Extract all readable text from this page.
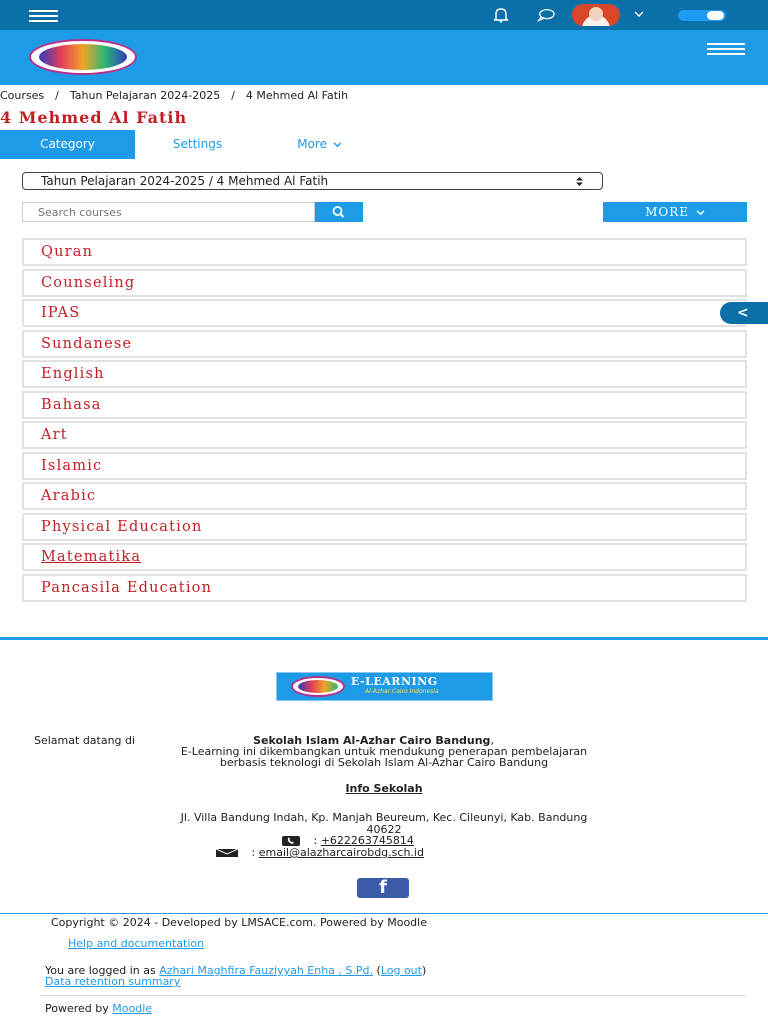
Courses / Tahun Pelajaran 2024-2025 / 4 Mehmed Al Fatih
4 Mehmed Al Fatih
Category	Settings	More
Tahun Pelajaran 2024-2025 / 4 Mehmed Al Fatih
Search courses
MORE
Quran
Counseling
IPAS
Sundanese
English
Bahasa
Art
Islamic
Arabic
Physical Education
Matematika
Pancasila Education
<
E-LEARNING
Al-Azhar Cairo Indonesia
Selamat datang di	Sekolah Islam Al-Azhar Cairo Bandung,
E-Learning ini dikembangkan untuk mendukung penerapan pembelajaran
berbasis teknologi di Sekolah Islam Al-Azhar Cairo Bandung
Info Sekolah
Jl. Villa Bandung Indah, Kp. Manjah Beureum, Kec. Cileunyi, Kab. Bandung
40622
: +622263745814
: email@alazharcairobdg.sch.id
f
Copyright © 2024 - Developed by LMSACE.com. Powered by Moodle
Help and documentation
You are logged in as Azhari Maghfira Fauziyyah Enha , S.Pd. (Log out)
Data retention summary
Powered by Moodle
